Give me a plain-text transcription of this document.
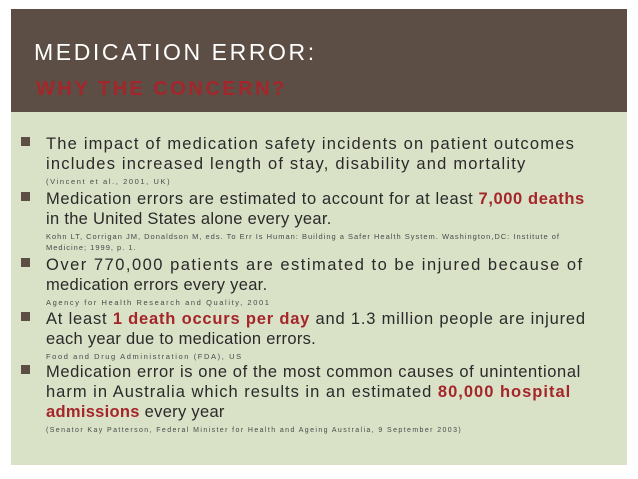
MEDICATION ERROR:
WHY THE CONCERN?
The impact of medication safety incidents on patient outcomes
includes increased length of stay, disability and mortality
(Vincent et al., 2001, UK)
Medication errors are estimated to account for at least 7,000 deaths
in the United States alone every year.
Kohn LT, Corrigan JM, Donaldson M, eds. To Err Is Human: Building a Safer Health System. Washington,DC: Institute of
Medicine; 1999, p. 1.
Over 770,000 patients are estimated to be injured because of
medication errors every year.
Agency for Health Research and Quality, 2001
At least 1 death occurs per day and 1.3 million people are injured
each year due to medication errors.
Food and Drug Administration (FDA), US
Medication error is one of the most common causes of unintentional
harm in Australia which results in an estimated 80,000 hospital
admissions every year
(Senator Kay Patterson, Federal Minister for Health and Ageing Australia, 9 September 2003)
